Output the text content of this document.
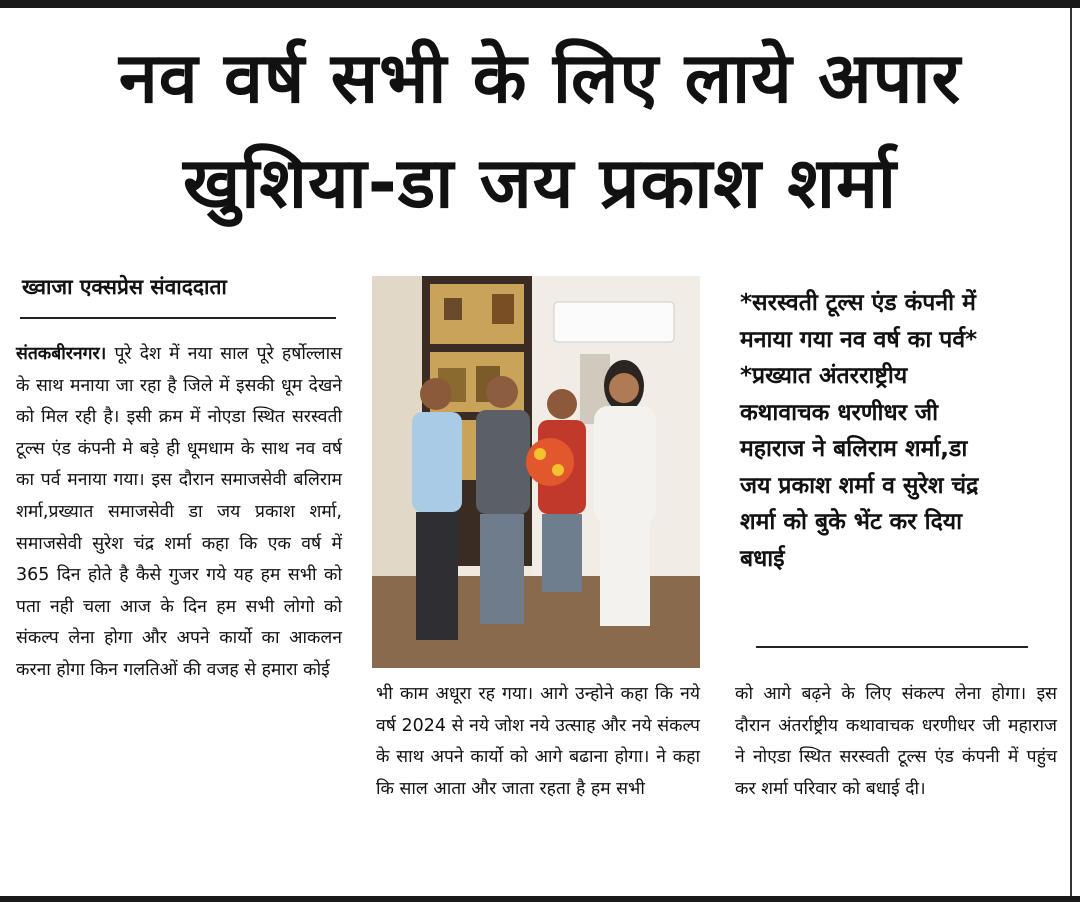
नव वर्ष सभी के लिए लाये अपार
खुशिया-डा जय प्रकाश शर्मा
ख्वाजा एक्सप्रेस संवाददाता

संतकबीरनगर। पूरे देश में नया साल पूरे हर्षोल्लास के साथ मनाया जा रहा है जिले में इसकी धूम देखने को मिल रही है। इसी क्रम में नोएडा स्थित सरस्वती टूल्स एंड कंपनी मे बड़े ही धूमधाम के साथ नव वर्ष का पर्व मनाया गया। इस दौरान समाजसेवी बलिराम शर्मा,प्रख्यात समाजसेवी डा जय प्रकाश शर्मा, समाजसेवी सुरेश चंद्र शर्मा कहा कि एक वर्ष में 365 दिन होते है कैसे गुजर गये यह हम सभी को पता नही चला आज के दिन हम सभी लोगो को संकल्प लेना होगा और अपने कार्यो का आकलन करना होगा किन गलतिओं की वजह से हमारा कोई

*सरस्वती टूल्स एंड कंपनी में
मनाया गया नव वर्ष का पर्व*
*प्रख्यात अंतरराष्ट्रीय
कथावाचक धरणीधर जी
महाराज ने बलिराम शर्मा,डा
जय प्रकाश शर्मा व सुरेश चंद्र
शर्मा को बुके भेंट कर दिया
बधाई

भी काम अधूरा रह गया। आगे उन्होने कहा कि नये वर्ष 2024 से नये जोश नये उत्साह और नये संकल्प के साथ अपने कार्यो को आगे बढाना होगा। ने कहा कि साल आता और जाता रहता है हम सभी

को आगे बढ़ने के लिए संकल्प लेना होगा। इस दौरान अंतर्राष्ट्रीय कथावाचक धरणीधर जी महाराज ने नोएडा स्थित सरस्वती टूल्स एंड कंपनी में पहुंच कर शर्मा परिवार को बधाई दी।
